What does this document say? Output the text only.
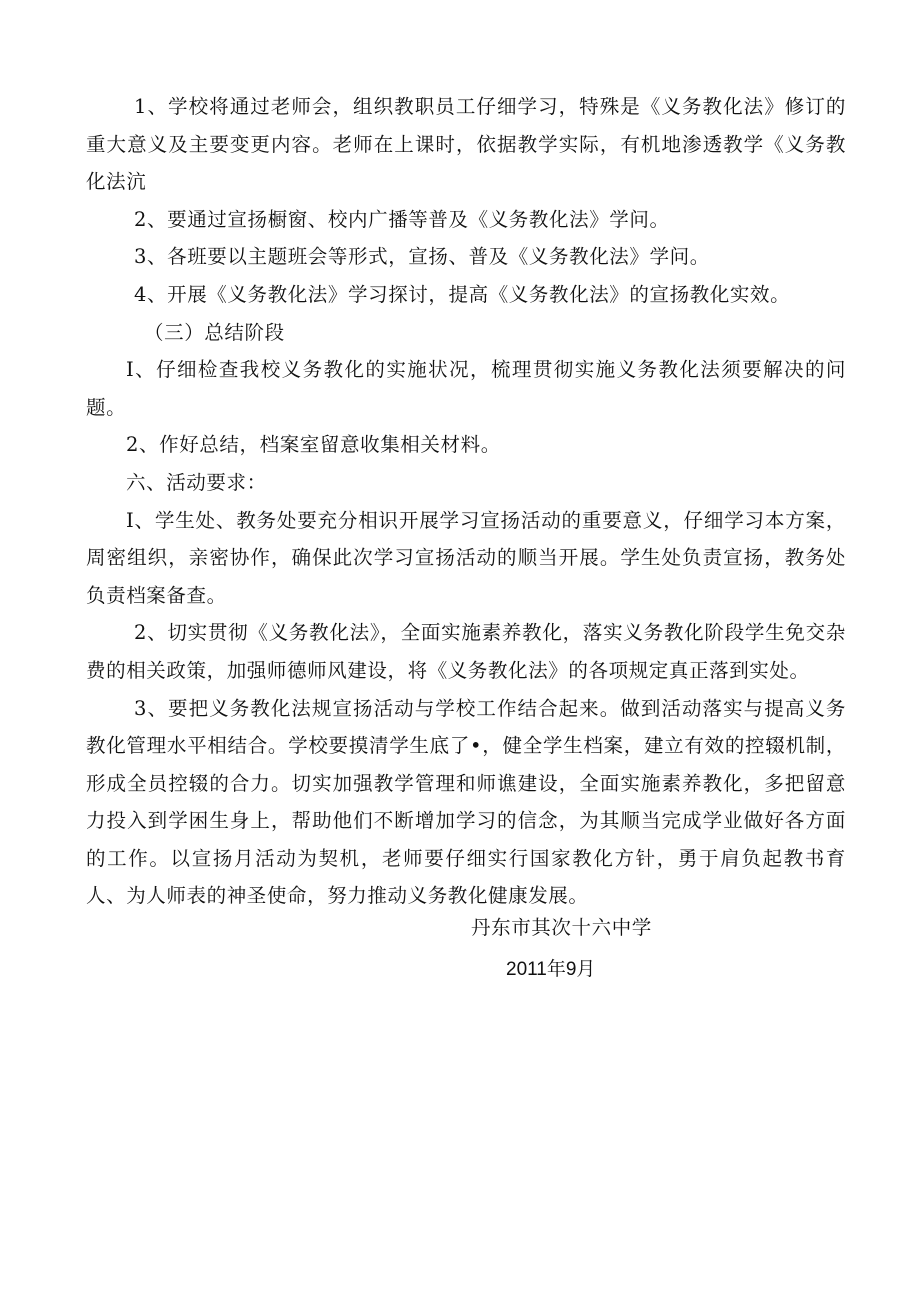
1、学校将通过老师会，组织教职员工仔细学习，特殊是《义务教化法》修订的重大意义及主要变更内容。老师在上课时，依据教学实际，有机地渗透教学《义务教化法沆

2、要通过宣扬橱窗、校内广播等普及《义务教化法》学问。

3、各班要以主题班会等形式，宣扬、普及《义务教化法》学问。

4、开展《义务教化法》学习探讨，提高《义务教化法》的宣扬教化实效。

（三）总结阶段

I、仔细检查我校义务教化的实施状况，梳理贯彻实施义务教化法须要解决的问题。

2、作好总结，档案室留意收集相关材料。

六、活动要求：

I、学生处、教务处要充分相识开展学习宣扬活动的重要意义，仔细学习本方案，周密组织，亲密协作，确保此次学习宣扬活动的顺当开展。学生处负责宣扬，教务处负责档案备查。

2、切实贯彻《义务教化法》，全面实施素养教化，落实义务教化阶段学生免交杂费的相关政策，加强师德师风建设，将《义务教化法》的各项规定真正落到实处。

3、要把义务教化法规宣扬活动与学校工作结合起来。做到活动落实与提高义务教化管理水平相结合。学校要摸清学生底了•，健全学生档案，建立有效的控辍机制，形成全员控辍的合力。切实加强教学管理和师谯建设，全面实施素养教化，多把留意力投入到学困生身上，帮助他们不断增加学习的信念，为其顺当完成学业做好各方面的工作。以宣扬月活动为契机，老师要仔细实行国家教化方针，勇于肩负起教书育人、为人师表的神圣使命，努力推动义务教化健康发展。

丹东市其次十六中学
2011年9月
